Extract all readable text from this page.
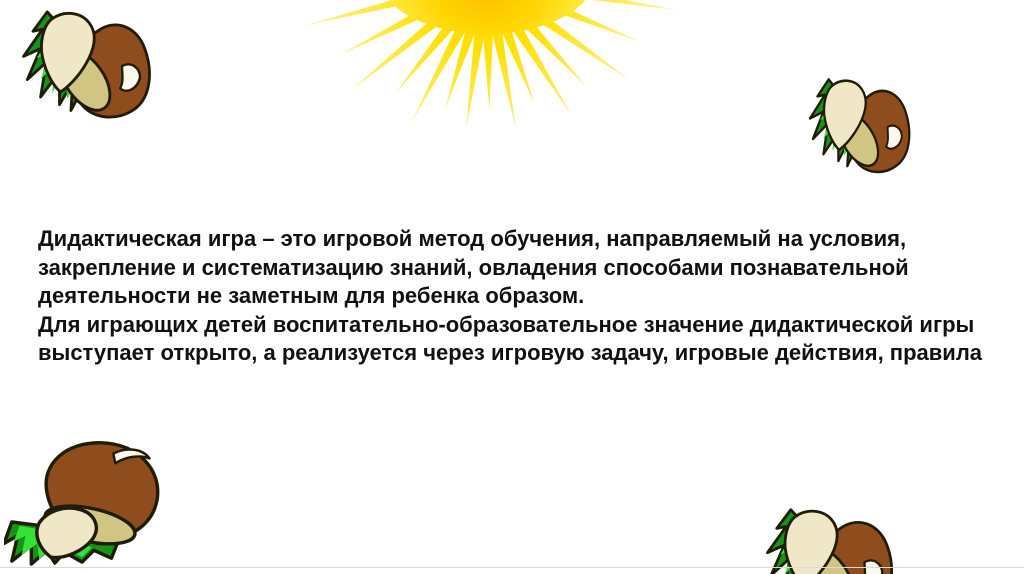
Дидактическая игра – это игровой метод обучения, направляемый на условия,
закрепление и систематизацию знаний, овладения способами познавательной
деятельности не заметным для ребенка образом.
Для играющих детей воспитательно-образовательное значение дидактической игры
выступает открыто, а реализуется через игровую задачу, игровые действия, правила
